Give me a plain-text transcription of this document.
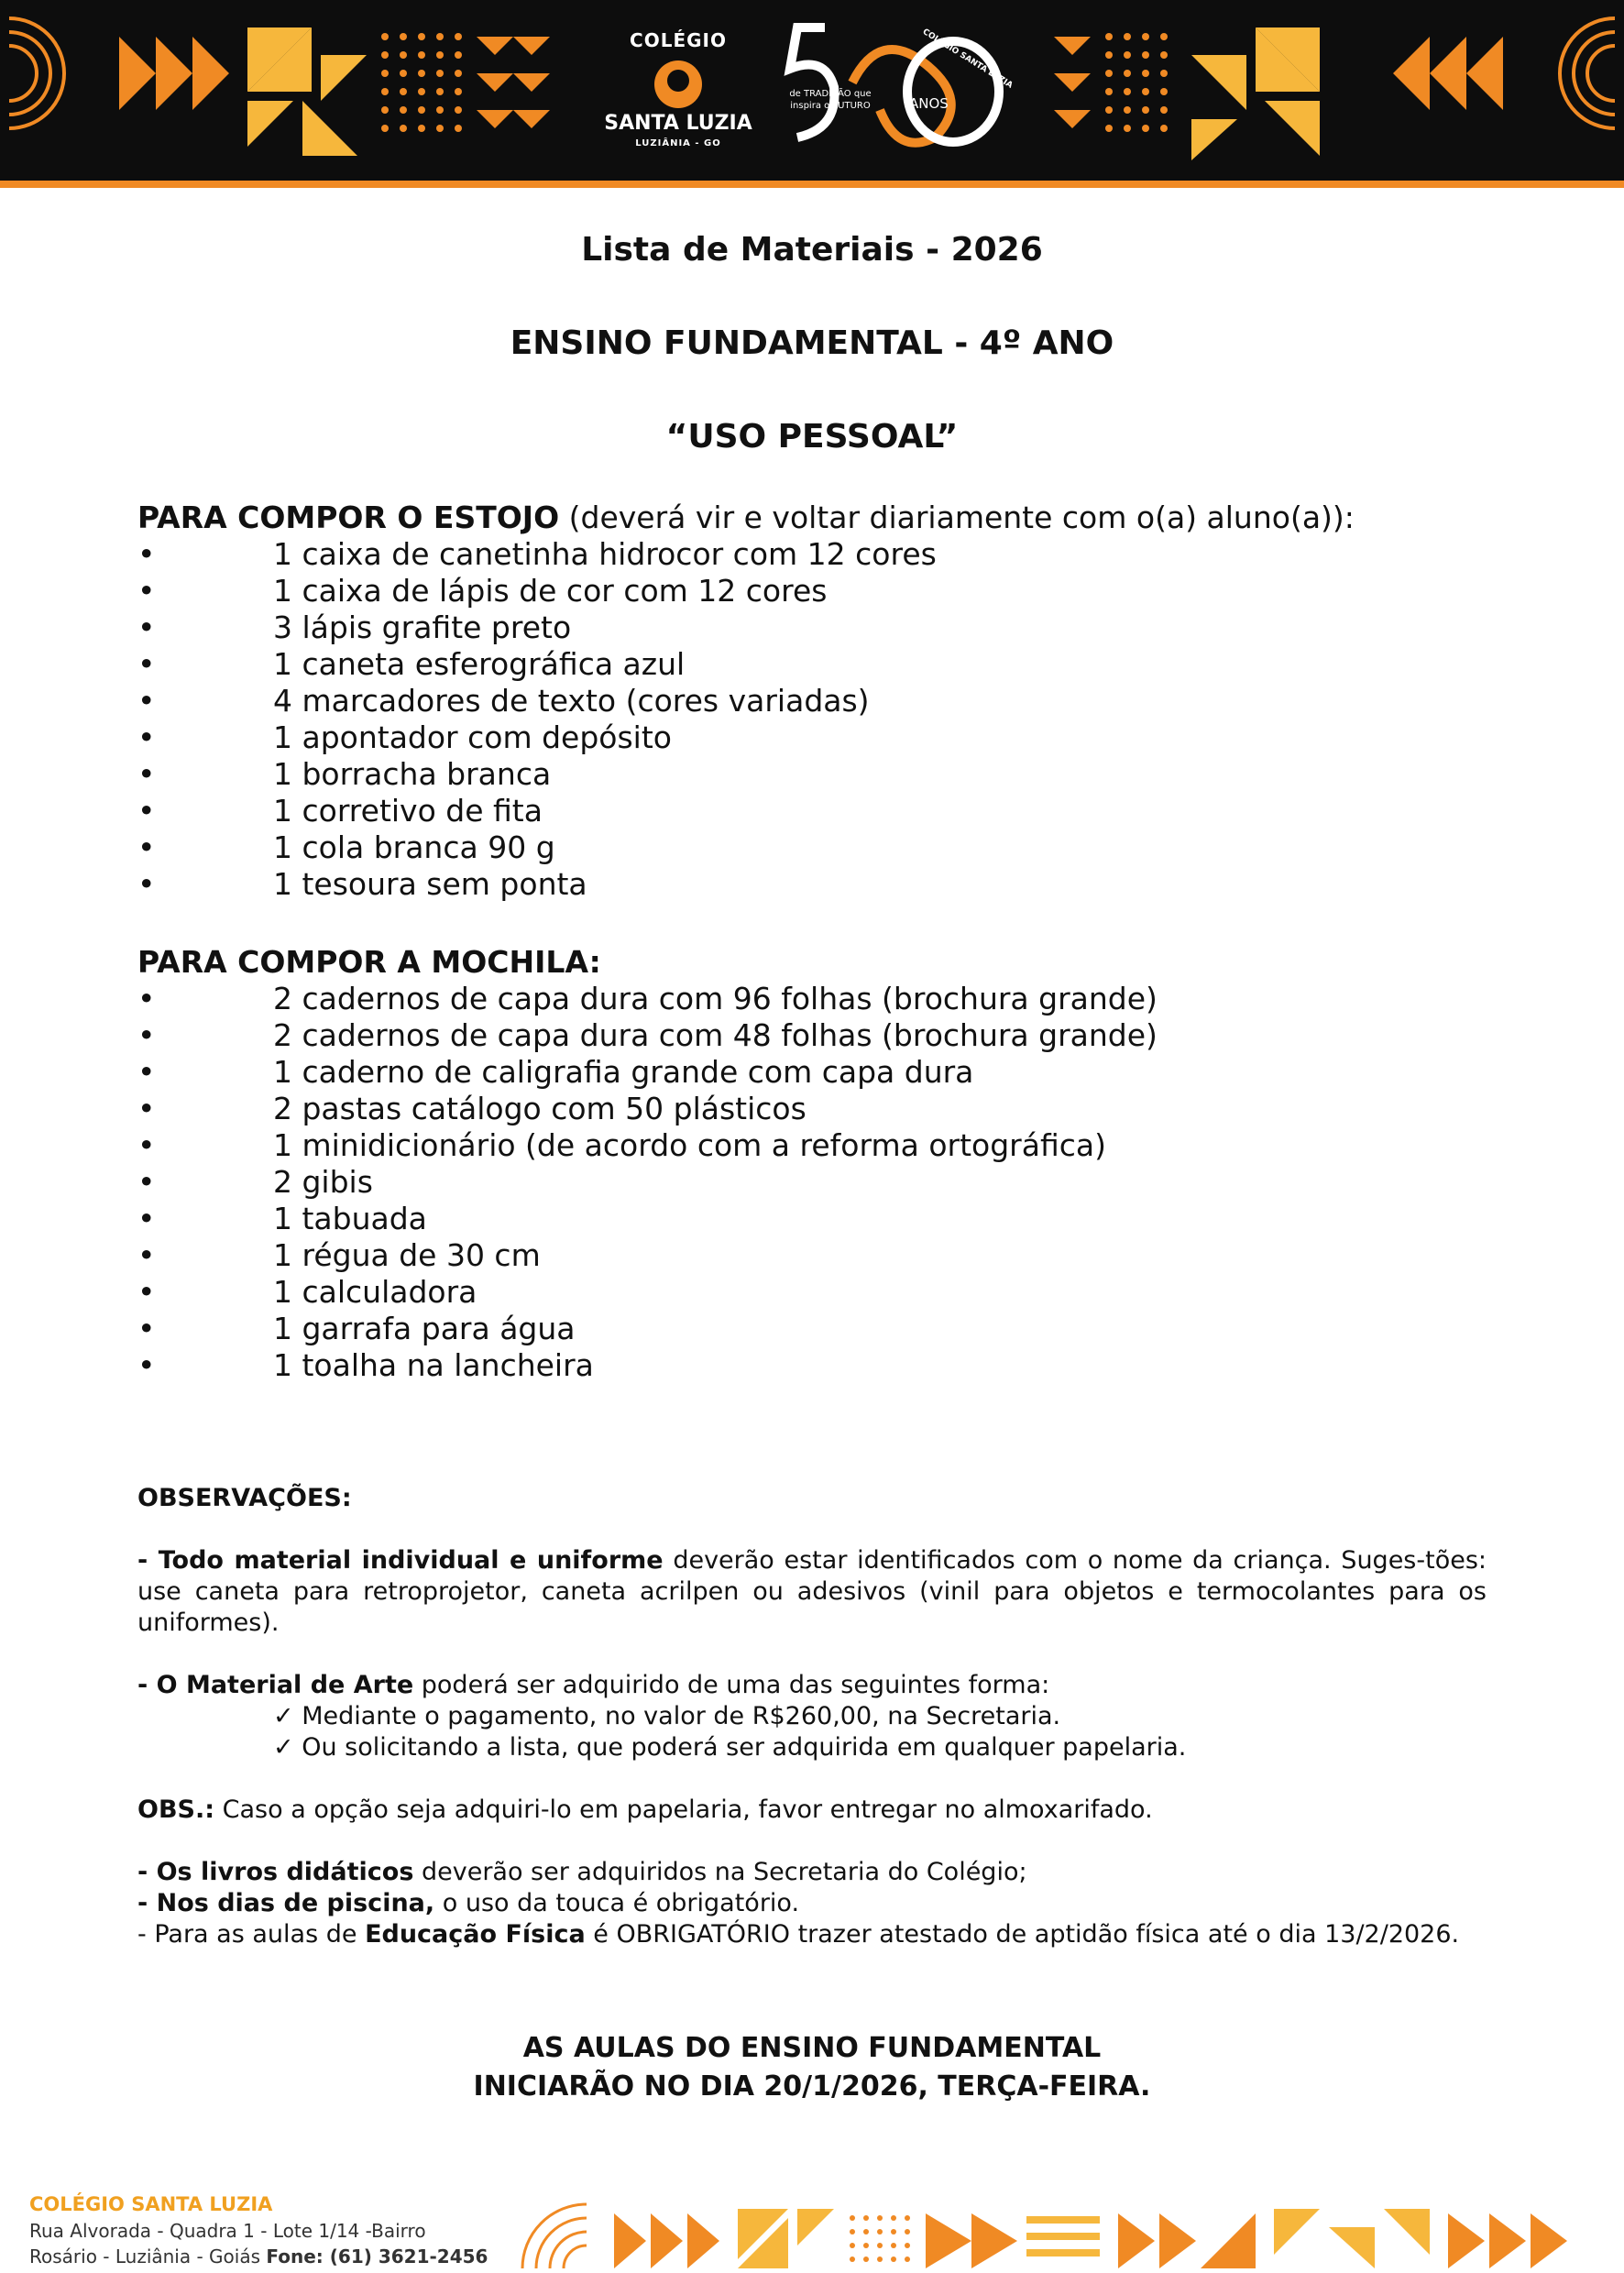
COLÉGIO
SANTA LUZIA
LUZIÂNIA - GO
de TRADIÇÃO que
inspira o FUTURO	ANOS
COLÉGIO SANTA LUZIA
Lista de Materiais - 2026
ENSINO FUNDAMENTAL - 4º ANO
“USO PESSOAL”
PARA COMPOR O ESTOJO (deverá vir e voltar diariamente com o(a) aluno(a)):
•	1 caixa de canetinha hidrocor com 12 cores
•	1 caixa de lápis de cor com 12 cores
•	3 lápis grafite preto
•	1 caneta esferográfica azul
•	4 marcadores de texto (cores variadas)
•	1 apontador com depósito
•	1 borracha branca
•	1 corretivo de fita
•	1 cola branca 90 g
•	1 tesoura sem ponta
PARA COMPOR A MOCHILA:
•	2 cadernos de capa dura com 96 folhas (brochura grande)
•	2 cadernos de capa dura com 48 folhas (brochura grande)
•	1 caderno de caligrafia grande com capa dura
•	2 pastas catálogo com 50 plásticos
•	1 minidicionário (de acordo com a reforma ortográfica)
•	2 gibis
•	1 tabuada
•	1 régua de 30 cm
•	1 calculadora
•	1 garrafa para água
•	1 toalha na lancheira

OBSERVAÇÕES:

- Todo material individual e uniforme deverão estar identificados com o nome da criança. Suges-tões: use caneta para retroprojetor, caneta acrilpen ou adesivos (vinil para objetos e termocolantes para os uniformes).

- O Material de Arte poderá ser adquirido de uma das seguintes forma:

✓ Mediante o pagamento, no valor de R$260,00, na Secretaria.

✓ Ou solicitando a lista, que poderá ser adquirida em qualquer papelaria.

OBS.: Caso a opção seja adquiri-lo em papelaria, favor entregar no almoxarifado.

- Os livros didáticos deverão ser adquiridos na Secretaria do Colégio;

- Nos dias de piscina, o uso da touca é obrigatório.

- Para as aulas de Educação Física é OBRIGATÓRIO trazer atestado de aptidão física até o dia 13/2/2026.

AS AULAS DO ENSINO FUNDAMENTAL
INICIARÃO NO DIA 20/1/2026, TERÇA-FEIRA.
COLÉGIO SANTA LUZIA
Rua Alvorada - Quadra 1 - Lote 1/14 -Bairro
Rosário - Luziânia - Goiás Fone: (61) 3621-2456
